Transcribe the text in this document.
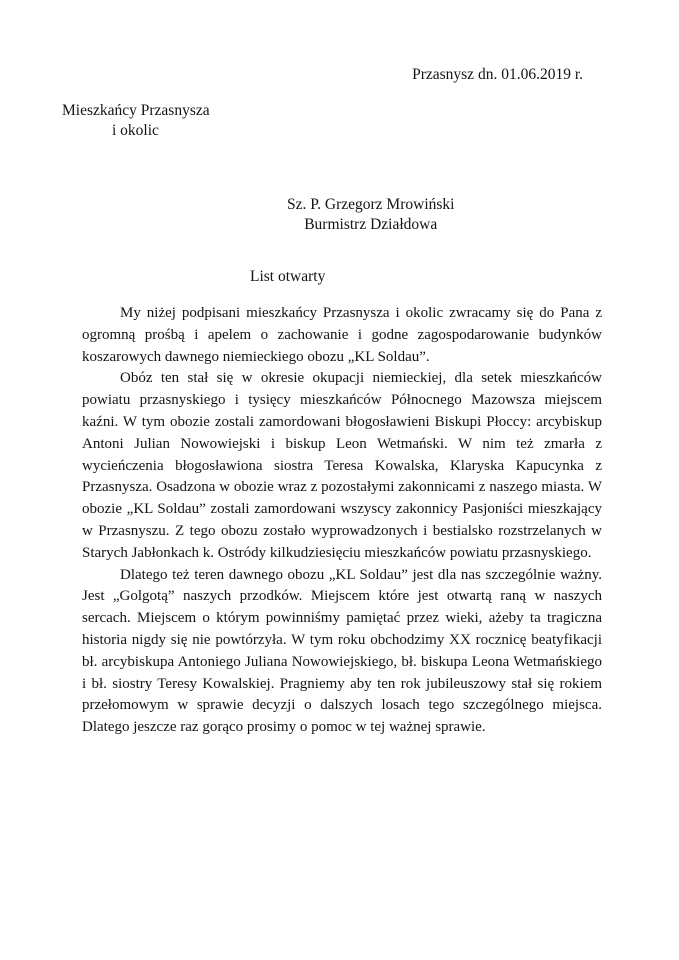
Przasnysz dn. 01.06.2019 r.
Mieszkańcy Przasnysza
i okolic
Sz. P. Grzegorz Mrowiński
Burmistrz Działdowa
List otwarty

My niżej podpisani mieszkańcy Przasnysza i okolic zwracamy się do Pana z ogromną prośbą i apelem o zachowanie i godne zagospodarowanie budynków koszarowych dawnego niemieckiego obozu „KL Soldau”.

Obóz ten stał się w okresie okupacji niemieckiej, dla setek mieszkańców powiatu przasnyskiego i tysięcy mieszkańców Północnego Mazowsza miejscem kaźni. W tym obozie zostali zamordowani błogosławieni Biskupi Płoccy: arcybiskup Antoni Julian Nowowiejski i biskup Leon Wetmański. W nim też zmarła z wycieńczenia błogosławiona siostra Teresa Kowalska, Klaryska Kapucynka z Przasnysza. Osadzona w obozie wraz z pozostałymi zakonnicami z naszego miasta. W obozie „KL Soldau” zostali zamordowani wszyscy zakonnicy Pasjoniści mieszkający w Przasnyszu. Z tego obozu zostało wyprowadzonych i bestialsko rozstrzelanych w Starych Jabłonkach k. Ostródy kilkudziesięciu mieszkańców powiatu przasnyskiego.

Dlatego też teren dawnego obozu „KL Soldau” jest dla nas szczególnie ważny. Jest „Golgotą” naszych przodków. Miejscem które jest otwartą raną w naszych sercach. Miejscem o którym powinniśmy pamiętać przez wieki, ażeby ta tragiczna historia nigdy się nie powtórzyła. W tym roku obchodzimy XX rocznicę beatyfikacji bł. arcybiskupa Antoniego Juliana Nowowiejskiego, bł. biskupa Leona Wetmańskiego i bł. siostry Teresy Kowalskiej. Pragniemy aby ten rok jubileuszowy stał się rokiem przełomowym w sprawie decyzji o dalszych losach tego szczególnego miejsca. Dlatego jeszcze raz gorąco prosimy o pomoc w tej ważnej sprawie.
